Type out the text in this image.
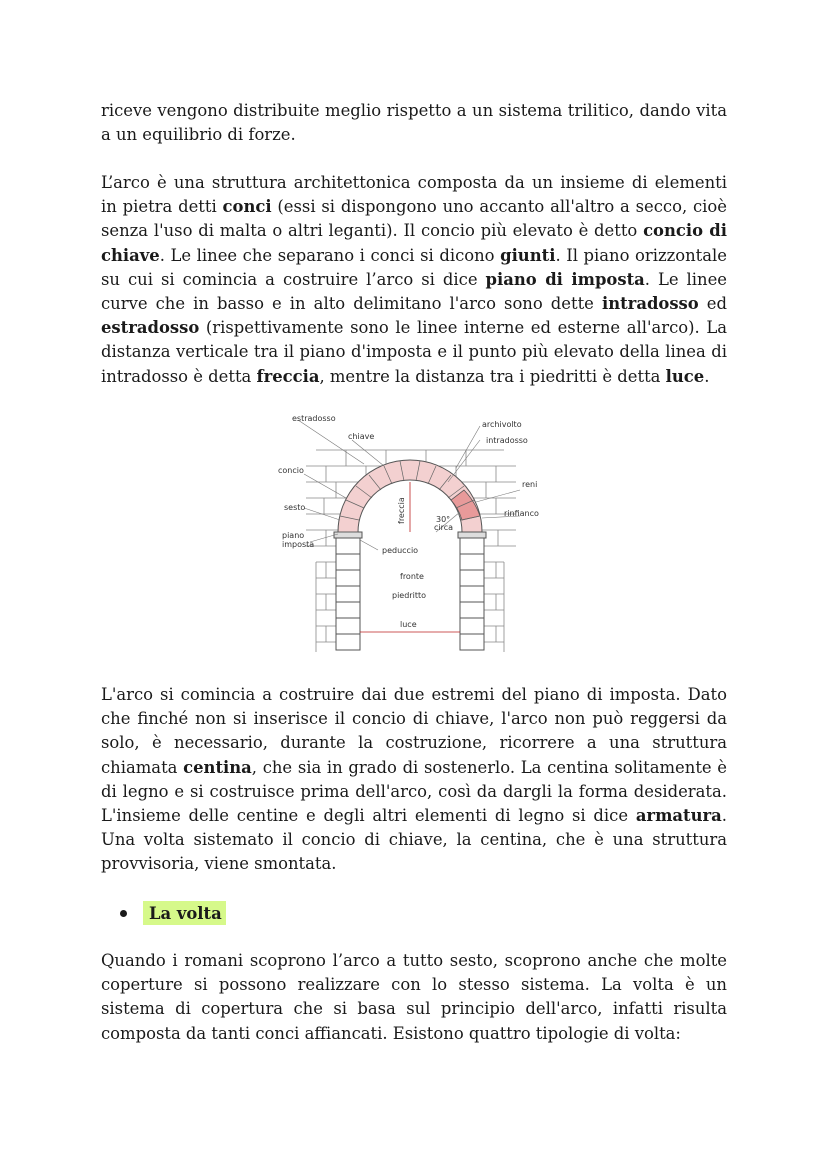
riceve vengono distribuite meglio rispetto a un sistema trilitico, dando vita a un equilibrio di forze.

L’arco è una struttura architettonica composta da un insieme di elementi in pietra detti conci (essi si dispongono uno accanto all'altro a secco, cioè senza l'uso di malta o altri leganti). Il concio più elevato è detto concio di chiave. Le linee che separano i conci si dicono giunti. Il piano orizzontale su cui si comincia a costruire l’arco si dice piano di imposta. Le linee curve che in basso e in alto delimitano l'arco sono dette intradosso ed estradosso (rispettivamente sono le linee interne ed esterne all'arco). La distanza verticale tra il piano d'imposta e il punto più elevato della linea di intradosso è detta freccia, mentre la distanza tra i piedritti è detta luce.

estradosso
chiave
archivolto
intradosso
concio
reni
sesto	freccia	30°
circa
rinfianco
piano
imposta
peduccio
fronte
piedritto
luce

L'arco si comincia a costruire dai due estremi del piano di imposta. Dato che finché non si inserisce il concio di chiave, l'arco non può reggersi da solo, è necessario, durante la costruzione, ricorrere a una struttura chiamata centina, che sia in grado di sostenerlo. La centina solitamente è di legno e si costruisce prima dell'arco, così da dargli la forma desiderata. L'insieme delle centine e degli altri elementi di legno si dice armatura. Una volta sistemato il concio di chiave, la centina, che è una struttura provvisoria, viene smontata.

La volta

Quando i romani scoprono l’arco a tutto sesto, scoprono anche che molte coperture si possono realizzare con lo stesso sistema. La volta è un sistema di copertura che si basa sul principio dell'arco, infatti risulta composta da tanti conci affiancati. Esistono quattro tipologie di volta:
